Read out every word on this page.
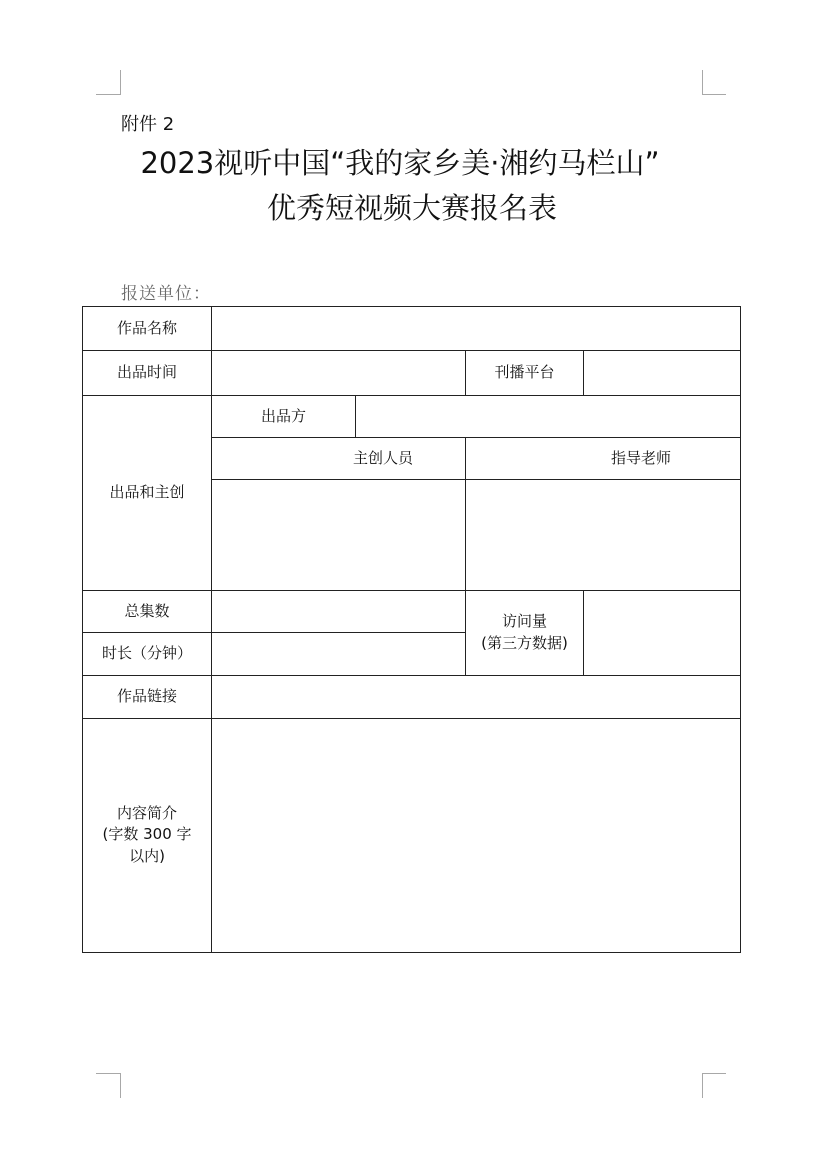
附件 2
2023视听中国“我的家乡美·湘约马栏山”
优秀短视频大赛报名表
报送单位：
作品名称				
出品时间			刊播平台	
出品和主创	出品方			
	主创人员		指导老师	

总集数			访问量
(第三方数据)	

时长（分钟）				
作品链接				

内容简介
(字数 300 字
以内)				
